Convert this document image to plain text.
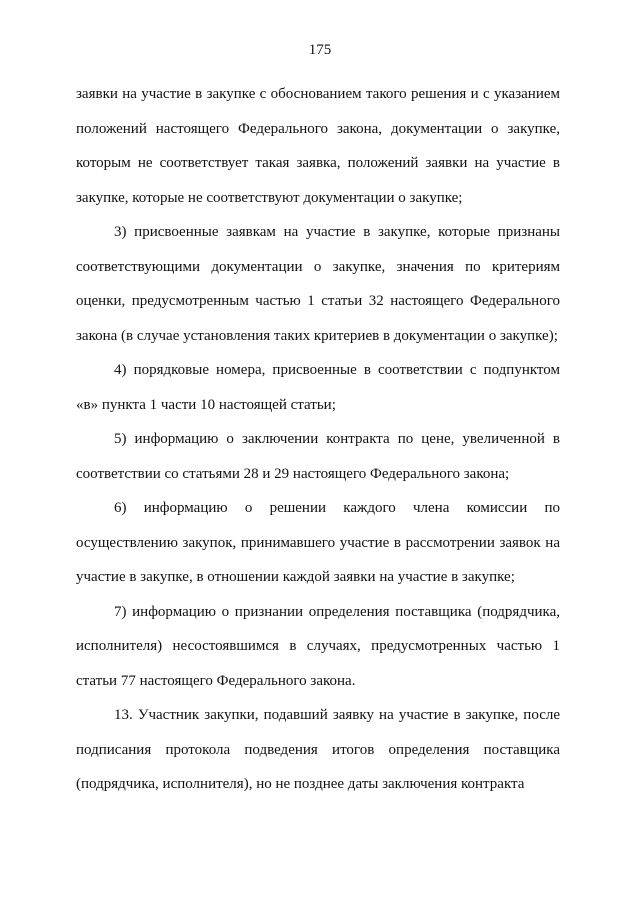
175

заявки на участие в закупке с обоснованием такого решения и с указанием положений настоящего Федерального закона, документации о закупке, которым не соответствует такая заявка, положений заявки на участие в закупке, которые не соответствуют документации о закупке;

3) присвоенные заявкам на участие в закупке, которые признаны соответствующими документации о закупке, значения по критериям оценки, предусмотренным частью 1 статьи 32 настоящего Федерального закона (в случае установления таких критериев в документации о закупке);

4) порядковые номера, присвоенные в соответствии с подпунктом «в» пункта 1 части 10 настоящей статьи;

5) информацию о заключении контракта по цене, увеличенной в соответствии со статьями 28 и 29 настоящего Федерального закона;

6) информацию о решении каждого члена комиссии по осуществлению закупок, принимавшего участие в рассмотрении заявок на участие в закупке, в отношении каждой заявки на участие в закупке;

7) информацию о признании определения поставщика (подрядчика, исполнителя) несостоявшимся в случаях, предусмотренных частью 1 статьи 77 настоящего Федерального закона.

13. Участник закупки, подавший заявку на участие в закупке, после подписания протокола подведения итогов определения поставщика (подрядчика, исполнителя), но не позднее даты заключения контракта
